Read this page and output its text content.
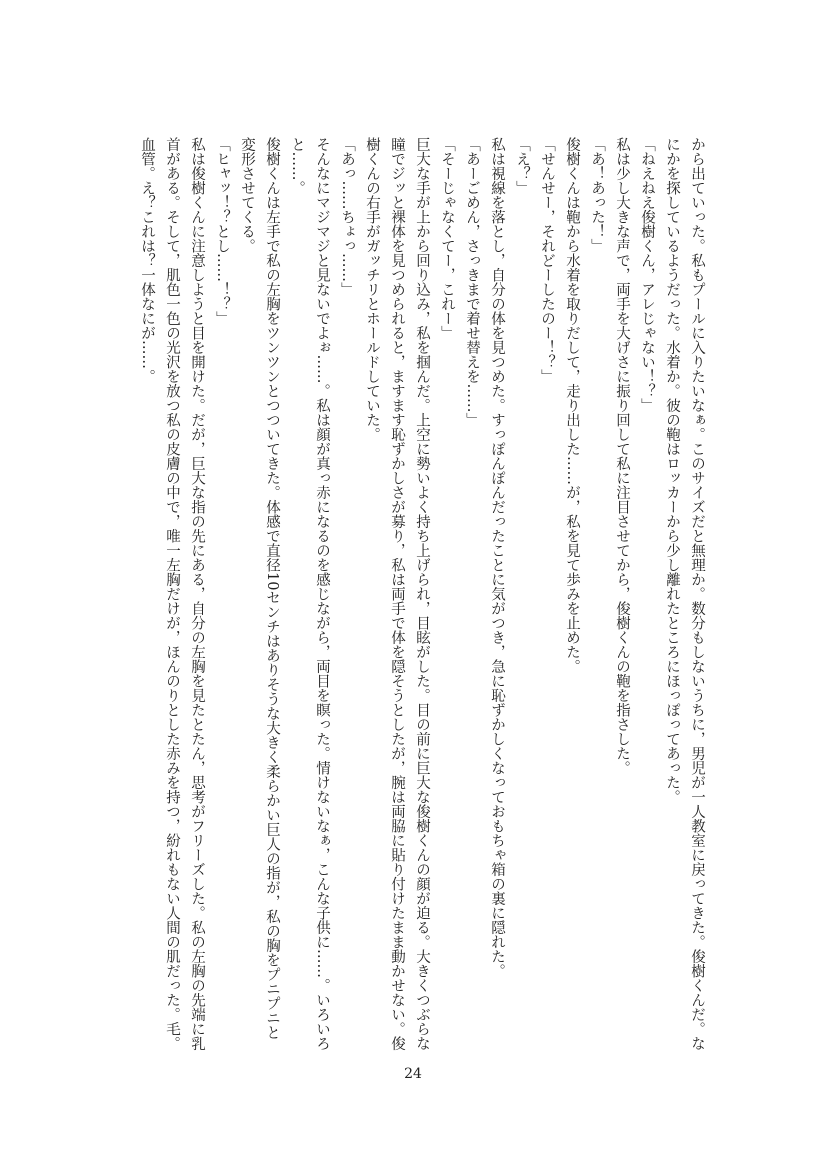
から出ていった。私もプールに入りたいなぁ。このサイズだと無理か。数分もしないうちに，男児が一人教室に戻ってきた。俊樹くんだ。な
にかを探しているようだった。水着か。彼の鞄はロッカーから少し離れたところにほっぽってあった。
「ねえねえ俊樹くん，アレじゃない！？」
私は少し大きな声で，両手を大げさに振り回して私に注目させてから，俊樹くんの鞄を指さした。
「あ！あった！」
俊樹くんは鞄から水着を取りだして，走り出した……が，私を見て歩みを止めた。
「せんせー，それどーしたのー！？」
「え？」
私は視線を落とし，自分の体を見つめた。すっぽんぽんだったことに気がつき，急に恥ずかしくなっておもちゃ箱の裏に隠れた。
「あーごめん，さっきまで着せ替えを……」
「そーじゃなくてー，これー」
巨大な手が上から回り込み，私を掴んだ。上空に勢いよく持ち上げられ，目眩がした。目の前に巨大な俊樹くんの顔が迫る。大きくつぶらな
瞳でジッと裸体を見つめられると，ますます恥ずかしさが募り，私は両手で体を隠そうとしたが，腕は両脇に貼り付けたまま動かせない。俊
樹くんの右手がガッチリとホールドしていた。
「あっ……ちょっ……」
そんなにマジマジと見ないでよぉ……。私は顔が真っ赤になるのを感じながら，両目を瞑った。情けないなぁ，こんな子供に……。いろいろ
と……。
俊樹くんは左手で私の左胸をツンツンとつついてきた。体感で直径10センチはありそうな大きく柔らかい巨人の指が，私の胸をプニプニと
変形させてくる。
「ヒャッ！？とし……！？」
私は俊樹くんに注意しようと目を開けた。だが，巨大な指の先にある，自分の左胸を見たとたん，思考がフリーズした。私の左胸の先端に乳
首がある。そして，肌色一色の光沢を放つ私の皮膚の中で，唯一左胸だけが，ほんのりとした赤みを持つ，紛れもない人間の肌だった。毛。
血管。え？これは？一体なにが……。
24
